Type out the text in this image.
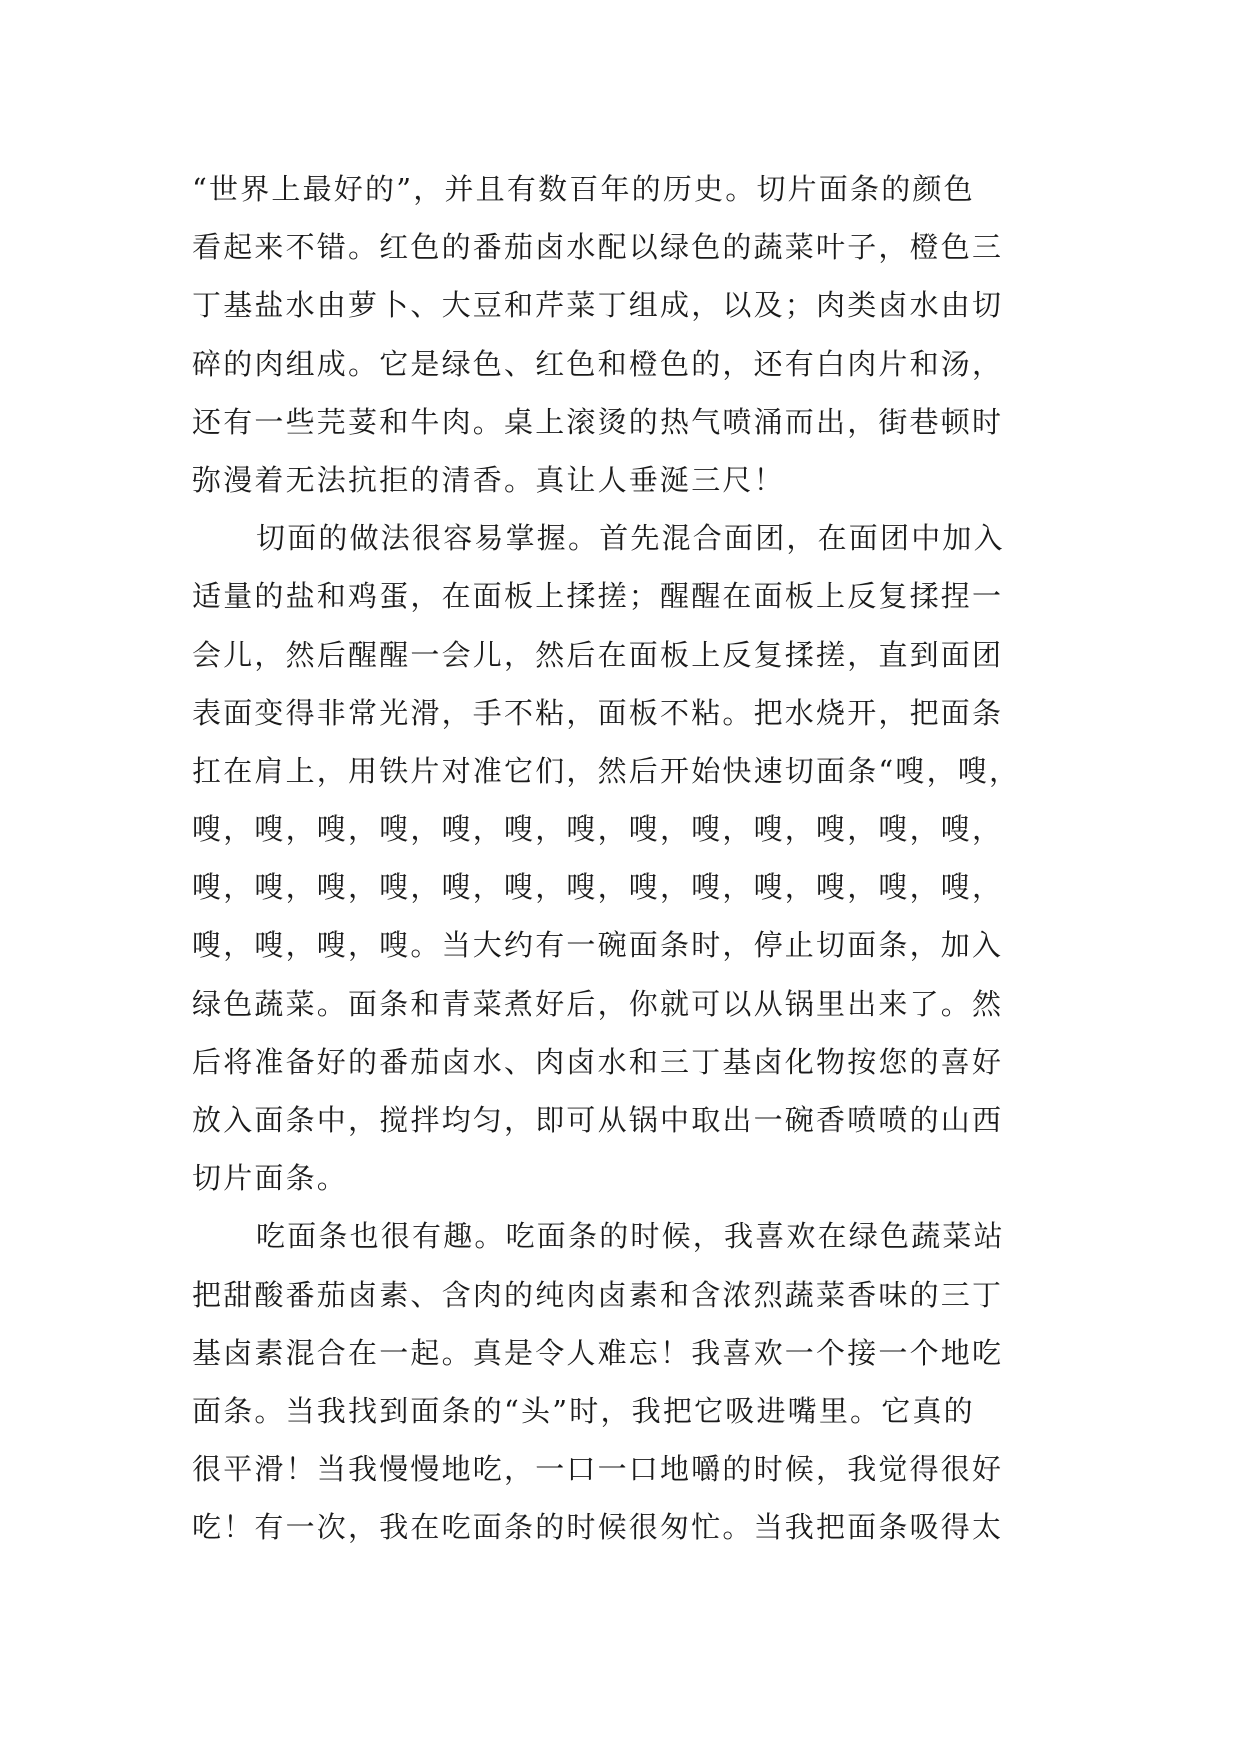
“世界上最好的”，并且有数百年的历史。切片面条的颜色
看起来不错。红色的番茄卤水配以绿色的蔬菜叶子，橙色三
丁基盐水由萝卜、大豆和芹菜丁组成，以及；肉类卤水由切
碎的肉组成。它是绿色、红色和橙色的，还有白肉片和汤，
还有一些芫荽和牛肉。桌上滚烫的热气喷涌而出，街巷顿时
弥漫着无法抗拒的清香。真让人垂涎三尺！
切面的做法很容易掌握。首先混合面团，在面团中加入
适量的盐和鸡蛋，在面板上揉搓；醒醒在面板上反复揉捏一
会儿，然后醒醒一会儿，然后在面板上反复揉搓，直到面团
表面变得非常光滑，手不粘，面板不粘。把水烧开，把面条
扛在肩上，用铁片对准它们，然后开始快速切面条“嗖，嗖，
嗖，嗖，嗖，嗖，嗖，嗖，嗖，嗖，嗖，嗖，嗖，嗖，嗖，
嗖，嗖，嗖，嗖，嗖，嗖，嗖，嗖，嗖，嗖，嗖，嗖，嗖，
嗖，嗖，嗖，嗖。当大约有一碗面条时，停止切面条，加入
绿色蔬菜。面条和青菜煮好后，你就可以从锅里出来了。然
后将准备好的番茄卤水、肉卤水和三丁基卤化物按您的喜好
放入面条中，搅拌均匀，即可从锅中取出一碗香喷喷的山西
切片面条。
吃面条也很有趣。吃面条的时候，我喜欢在绿色蔬菜站
把甜酸番茄卤素、含肉的纯肉卤素和含浓烈蔬菜香味的三丁
基卤素混合在一起。真是令人难忘！我喜欢一个接一个地吃
面条。当我找到面条的“头”时，我把它吸进嘴里。它真的
很平滑！当我慢慢地吃，一口一口地嚼的时候，我觉得很好
吃！有一次，我在吃面条的时候很匆忙。当我把面条吸得太
